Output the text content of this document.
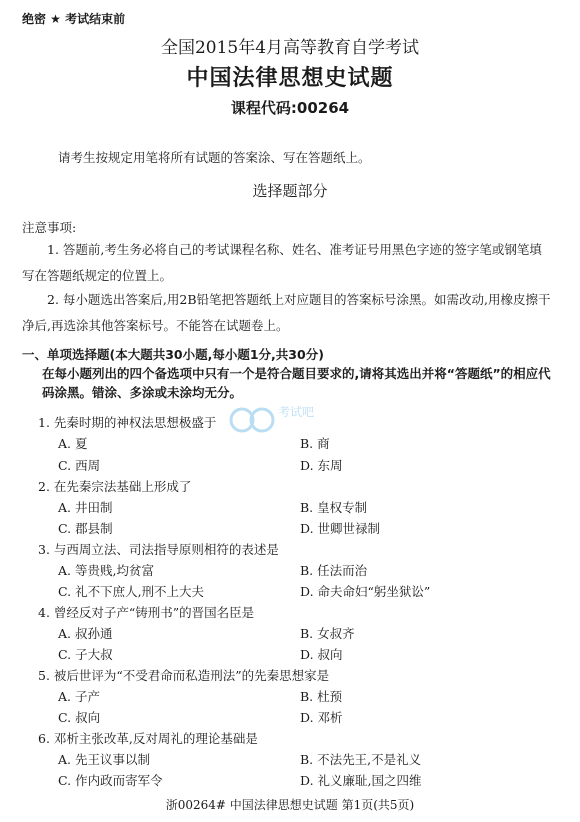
绝密 ★ 考试结束前
全国2015年4月高等教育自学考试
中国法律思想史试题
课程代码:00264
请考生按规定用笔将所有试题的答案涂、写在答题纸上。
选择题部分
注意事项:
1. 答题前,考生务必将自己的考试课程名称、姓名、准考证号用黑色字迹的签字笔或钢笔填写在答题纸规定的位置上。
2. 每小题选出答案后,用2B铅笔把答题纸上对应题目的答案标号涂黑。如需改动,用橡皮擦干净后,再选涂其他答案标号。不能答在试题卷上。
一、单项选择题(本大题共30小题,每小题1分,共30分)
在每小题列出的四个备选项中只有一个是符合题目要求的,请将其选出并将“答题纸”的相应代码涂黑。错涂、多涂或未涂均无分。
1. 先秦时期的神权法思想极盛于
A. 夏	B. 商
C. 西周	D. 东周
2. 在先秦宗法基础上形成了
A. 井田制	B. 皇权专制
C. 郡县制	D. 世卿世禄制
3. 与西周立法、司法指导原则相符的表述是
A. 等贵贱,均贫富	B. 任法而治
C. 礼不下庶人,刑不上大夫	D. 命夫命妇“躬坐狱讼”
4. 曾经反对子产“铸刑书”的晋国名臣是
A. 叔孙通	B. 女叔齐
C. 子大叔	D. 叔向
5. 被后世评为“不受君命而私造刑法”的先秦思想家是
A. 子产	B. 杜预
C. 叔向	D. 邓析
6. 邓析主张改革,反对周礼的理论基础是
A. 先王议事以制	B. 不法先王,不是礼义
C. 作内政而寄军令	D. 礼义廉耻,国之四维
考试吧
浙00264# 中国法律思想史试题 第1页(共5页)
